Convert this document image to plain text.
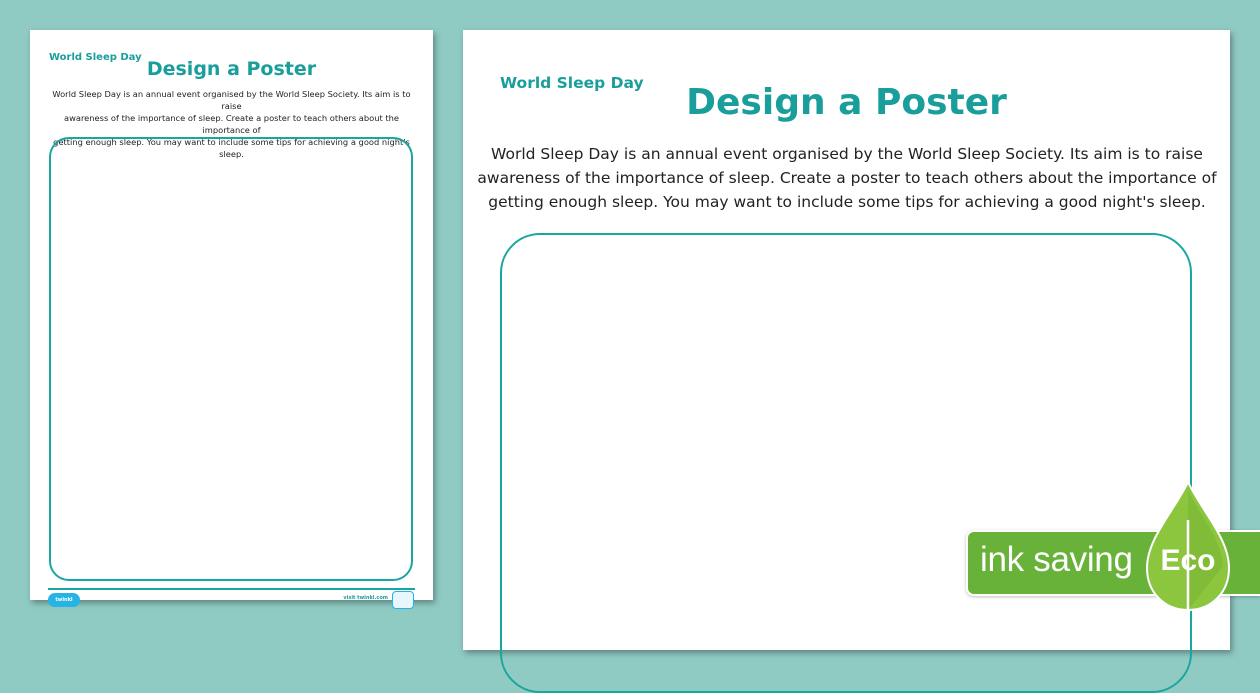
World Sleep Day
Design a Poster
World Sleep Day is an annual event organised by the World Sleep Society. Its aim is to raise
awareness of the importance of sleep. Create a poster to teach others about the importance of
getting enough sleep. You may want to include some tips for achieving a good night's sleep.
twinkl	visit twinkl.com
World Sleep Day	Design a Poster
World Sleep Day is an annual event organised by the World Sleep Society. Its aim is to raise
awareness of the importance of sleep. Create a poster to teach others about the importance of
getting enough sleep. You may want to include some tips for achieving a good night's sleep.
ink saving Eco
